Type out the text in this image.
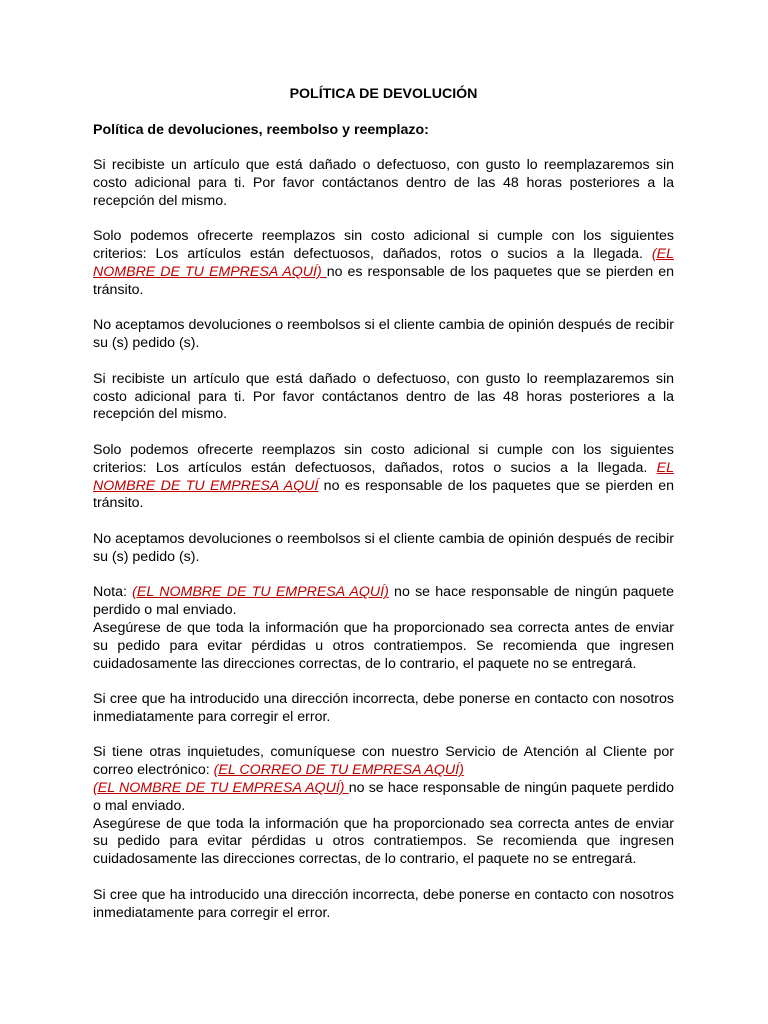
POLÍTICA DE DEVOLUCIÓN
Política de devoluciones, reembolso y reemplazo:
Si recibiste un artículo que está dañado o defectuoso, con gusto lo reemplazaremos sin costo adicional para ti. Por favor contáctanos dentro de las 48 horas posteriores a la recepción del mismo.
Solo podemos ofrecerte reemplazos sin costo adicional si cumple con los siguientes criterios: Los artículos están defectuosos, dañados, rotos o sucios a la llegada. (EL NOMBRE DE TU EMPRESA AQUÍ) no es responsable de los paquetes que se pierden en tránsito.
No aceptamos devoluciones o reembolsos si el cliente cambia de opinión después de recibir su (s) pedido (s).
Si recibiste un artículo que está dañado o defectuoso, con gusto lo reemplazaremos sin costo adicional para ti. Por favor contáctanos dentro de las 48 horas posteriores a la recepción del mismo.
Solo podemos ofrecerte reemplazos sin costo adicional si cumple con los siguientes criterios: Los artículos están defectuosos, dañados, rotos o sucios a la llegada. EL NOMBRE DE TU EMPRESA AQUÍ no es responsable de los paquetes que se pierden en tránsito.
No aceptamos devoluciones o reembolsos si el cliente cambia de opinión después de recibir su (s) pedido (s).
Nota: (EL NOMBRE DE TU EMPRESA AQUÍ) no se hace responsable de ningún paquete perdido o mal enviado.
Asegúrese de que toda la información que ha proporcionado sea correcta antes de enviar su pedido para evitar pérdidas u otros contratiempos. Se recomienda que ingresen cuidadosamente las direcciones correctas, de lo contrario, el paquete no se entregará.
Si cree que ha introducido una dirección incorrecta, debe ponerse en contacto con nosotros inmediatamente para corregir el error.
Si tiene otras inquietudes, comuníquese con nuestro Servicio de Atención al Cliente por correo electrónico: (EL CORREO DE TU EMPRESA AQUÍ)
(EL NOMBRE DE TU EMPRESA AQUÍ) no se hace responsable de ningún paquete perdido o mal enviado.
Asegúrese de que toda la información que ha proporcionado sea correcta antes de enviar su pedido para evitar pérdidas u otros contratiempos. Se recomienda que ingresen cuidadosamente las direcciones correctas, de lo contrario, el paquete no se entregará.
Si cree que ha introducido una dirección incorrecta, debe ponerse en contacto con nosotros inmediatamente para corregir el error.
